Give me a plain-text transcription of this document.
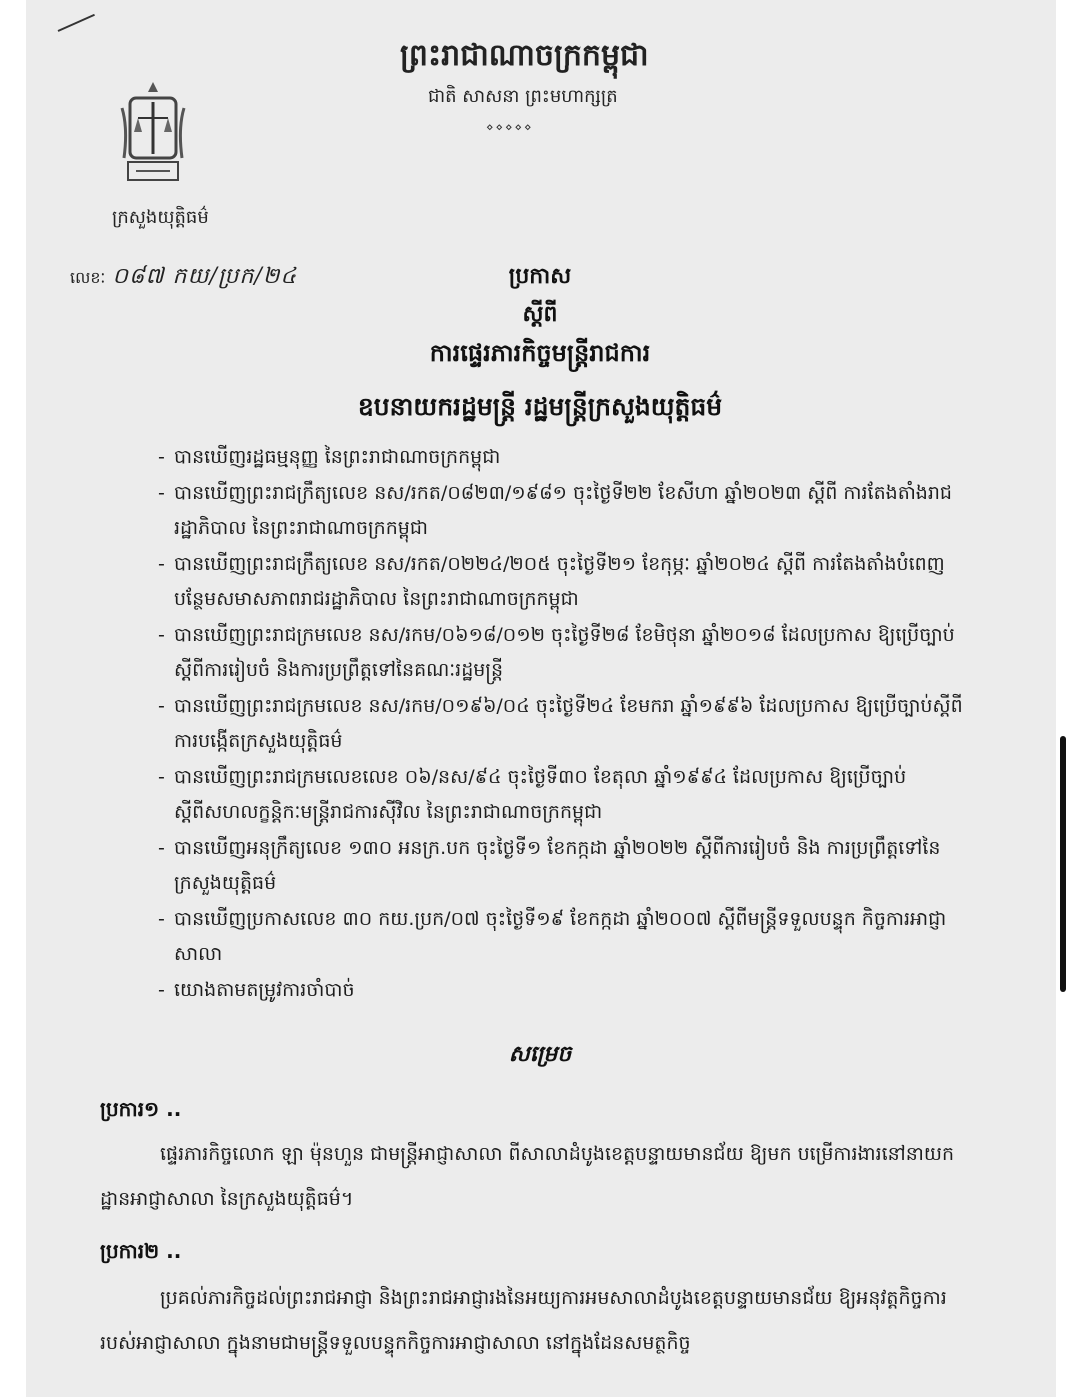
ក្រសួងយុត្តិធម៌
ព្រះរាជាណាចក្រកម្ពុជា
ជាតិ សាសនា ព្រះមហាក្សត្រ
⋄⋄⋄⋄⋄
លេខៈ ០៨៧ កយ/ប្រក/២៤	ប្រកាស
ស្តីពី
ការផ្ទេរភារកិច្ចមន្ត្រីរាជការ
ឧបនាយករដ្ឋមន្ត្រី រដ្ឋមន្ត្រីក្រសួងយុត្តិធម៌
- បានឃើញរដ្ឋធម្មនុញ្ញ នៃព្រះរាជាណាចក្រកម្ពុជា
- បានឃើញព្រះរាជក្រឹត្យលេខ នស/រកត/០៨២៣/១៩៨១ ចុះថ្ងៃទី២២ ខែសីហា ឆ្នាំ២០២៣ ស្តីពី ការតែងតាំងរាជរដ្ឋាភិបាល នៃព្រះរាជាណាចក្រកម្ពុជា
- បានឃើញព្រះរាជក្រឹត្យលេខ នស/រកត/០២២៤/២០៥ ចុះថ្ងៃទី២១ ខែកុម្ភៈ ឆ្នាំ២០២៤ ស្តីពី ការតែងតាំងបំពេញបន្ថែមសមាសភាពរាជរដ្ឋាភិបាល នៃព្រះរាជាណាចក្រកម្ពុជា
- បានឃើញព្រះរាជក្រមលេខ នស/រកម/០៦១៨/០១២ ចុះថ្ងៃទី២៨ ខែមិថុនា ឆ្នាំ២០១៨ ដែលប្រកាស ឱ្យប្រើច្បាប់ស្តីពីការរៀបចំ និងការប្រព្រឹត្តទៅនៃគណៈរដ្ឋមន្ត្រី
- បានឃើញព្រះរាជក្រមលេខ នស/រកម/០១៩៦/០៤ ចុះថ្ងៃទី២៤ ខែមករា ឆ្នាំ១៩៩៦ ដែលប្រកាស ឱ្យប្រើច្បាប់ស្តីពីការបង្កើតក្រសួងយុត្តិធម៌
- បានឃើញព្រះរាជក្រមលេខលេខ ០៦/នស/៩៤ ចុះថ្ងៃទី៣០ ខែតុលា ឆ្នាំ១៩៩៤ ដែលប្រកាស ឱ្យប្រើច្បាប់ស្តីពីសហលក្ខន្តិកៈមន្ត្រីរាជការស៊ីវិល នៃព្រះរាជាណាចក្រកម្ពុជា
- បានឃើញអនុក្រឹត្យលេខ ១៣០ អនក្រ.បក ចុះថ្ងៃទី១ ខែកក្កដា ឆ្នាំ២០២២ ស្តីពីការរៀបចំ និង ការប្រព្រឹត្តទៅនៃក្រសួងយុត្តិធម៌
- បានឃើញប្រកាសលេខ ៣០ កយ.ប្រក/០៧ ចុះថ្ងៃទី១៩ ខែកក្កដា ឆ្នាំ២០០៧ ស្តីពីមន្ត្រីទទួលបន្ទុក កិច្ចការអាជ្ញាសាលា
- យោងតាមតម្រូវការចាំបាច់
សម្រេច
ប្រការ១ ..
ផ្ទេរភារកិច្ចលោក ឡា ម៉ុនហួន ជាមន្ត្រីអាជ្ញាសាលា ពីសាលាដំបូងខេត្តបន្ទាយមានជ័យ ឱ្យមក បម្រើការងារនៅនាយកដ្ឋានអាជ្ញាសាលា នៃក្រសួងយុត្តិធម៌។
ប្រការ២ ..
ប្រគល់ភារកិច្ចដល់ព្រះរាជអាជ្ញា និងព្រះរាជអាជ្ញារងនៃអយ្យការអមសាលាដំបូងខេត្តបន្ទាយមានជ័យ ឱ្យអនុវត្តកិច្ចការរបស់អាជ្ញាសាលា ក្នុងនាមជាមន្ត្រីទទួលបន្ទុកកិច្ចការអាជ្ញាសាលា នៅក្នុងដែនសមត្ថកិច្ច
